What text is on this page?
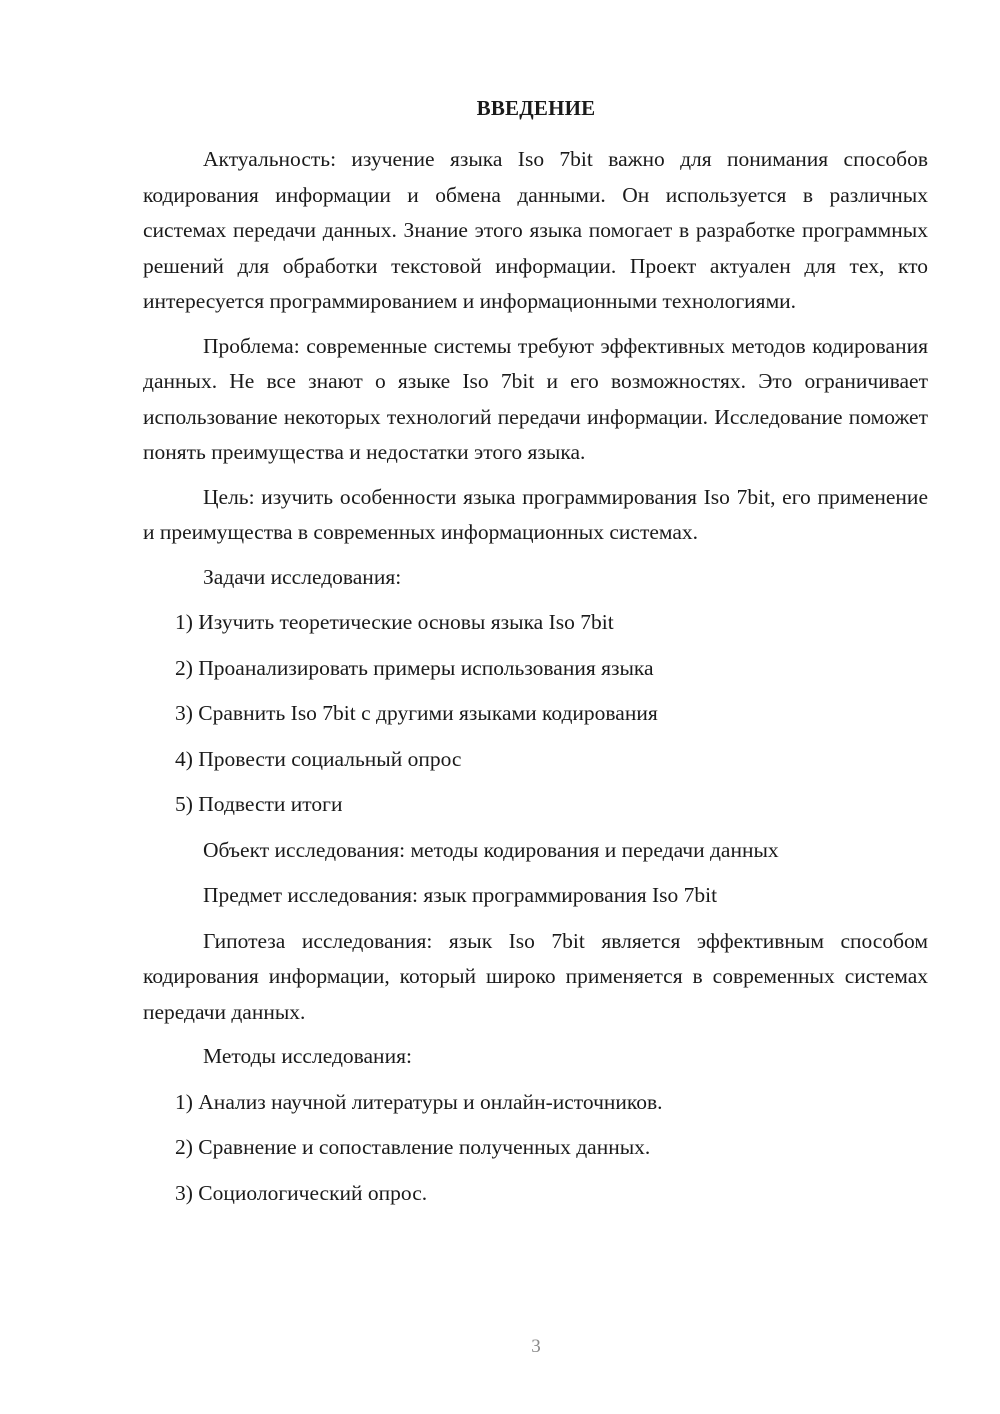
ВВЕДЕНИЕ

Актуальность: изучение языка Iso 7bit важно для понимания способов кодирования информации и обмена данными. Он используется в различных системах передачи данных. Знание этого языка помогает в разработке программных решений для обработки текстовой информации. Проект актуален для тех, кто интересуется программированием и информационными технологиями.

Проблема: современные системы требуют эффективных методов кодирования данных. Не все знают о языке Iso 7bit и его возможностях. Это ограничивает использование некоторых технологий передачи информации. Исследование поможет понять преимущества и недостатки этого языка.

Цель: изучить особенности языка программирования Iso 7bit, его применение и преимущества в современных информационных системах.

Задачи исследования:
1) Изучить теоретические основы языка Iso 7bit
2) Проанализировать примеры использования языка
3) Сравнить Iso 7bit с другими языками кодирования
4) Провести социальный опрос
5) Подвести итоги
Объект исследования: методы кодирования и передачи данных
Предмет исследования: язык программирования Iso 7bit

Гипотеза исследования: язык Iso 7bit является эффективным способом кодирования информации, который широко применяется в современных системах передачи данных.

Методы исследования:
1) Анализ научной литературы и онлайн-источников.
2) Сравнение и сопоставление полученных данных.
3) Социологический опрос.
3
